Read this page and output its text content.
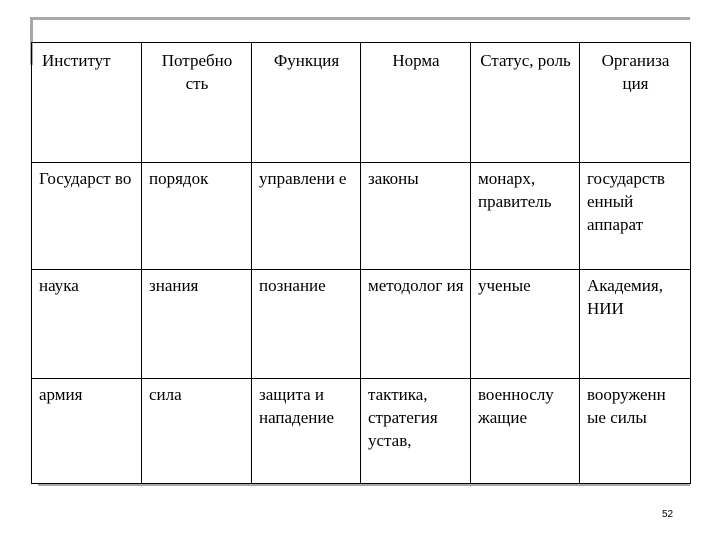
Институт	Потребно сть	Функция	Норма	Статус, роль	Организа ция
Государст во	порядок	управлени е	законы	монарх, правитель	государств енный аппарат
наука	знания	познание	методолог ия	ученые	Академия, НИИ
армия	сила	защита и нападение	тактика, стратегия устав,	военнослу жащие	вооруженн ые силы
52
